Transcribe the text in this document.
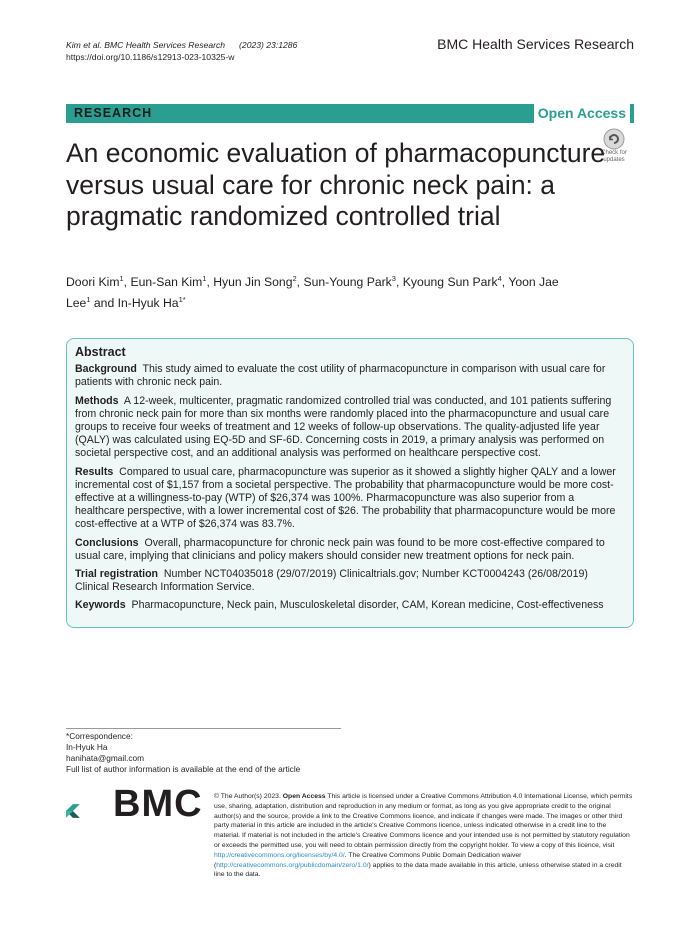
Kim et al. BMC Health Services Research (2023) 23:1286
https://doi.org/10.1186/s12913-023-10325-w
BMC Health Services Research
RESEARCH	Open Access
Check for updates
An economic evaluation of pharmacopuncture versus usual care for chronic neck pain: a pragmatic randomized controlled trial
Doori Kim$^1$, Eun-San Kim$^1$, Hyun Jin Song$^2$, Sun-Young Park$^3$, Kyoung Sun Park$^4$, Yoon Jae Lee$^1$ and In-Hyuk $Ha^{1*}$
Abstract

Background This study aimed to evaluate the cost utility of pharmacopuncture in comparison with usual care for patients with chronic neck pain.

Methods A 12-week, multicenter, pragmatic randomized controlled trial was conducted, and 101 patients suffering from chronic neck pain for more than six months were randomly placed into the pharmacopuncture and usual care groups to receive four weeks of treatment and 12 weeks of follow-up observations. The quality-adjusted life year (QALY) was calculated using EQ-5D and SF-6D. Concerning costs in 2019, a primary analysis was performed on societal perspective cost, and an additional analysis was performed on healthcare perspective cost.

Results Compared to usual care, pharmacopuncture was superior as it showed a slightly higher QALY and a lower incremental cost of $1,157 from a societal perspective. The probability that pharmacopuncture would be more cost-effective at a willingness-to-pay (WTP) of $26,374 was 100%. Pharmacopuncture was also superior from a healthcare perspective, with a lower incremental cost of $26. The probability that pharmacopuncture would be more cost-effective at a WTP of $26,374 was 83.7%.

Conclusions Overall, pharmacopuncture for chronic neck pain was found to be more cost-effective compared to usual care, implying that clinicians and policy makers should consider new treatment options for neck pain.

Trial registration Number NCT04035018 (29/07/2019) Clinicaltrials.gov; Number KCT0004243 (26/08/2019) Clinical Research Information Service.

Keywords Pharmacopuncture, Neck pain, Musculoskeletal disorder, CAM, Korean medicine, Cost-effectiveness

*Correspondence:
In-Hyuk Ha
hanihata@gmail.com
Full list of author information is available at the end of the article
BMC © The Author(s) 2023. Open Access This article is licensed under a Creative Commons Attribution 4.0 International License, which permits use, sharing, adaptation, distribution and reproduction in any medium or format, as long as you give appropriate credit to the original author(s) and the source, provide a link to the Creative Commons licence, and indicate if changes were made. The images or other third party material in this article are included in the article's Creative Commons licence, unless indicated otherwise in a credit line to the material. If material is not included in the article's Creative Commons licence and your intended use is not permitted by statutory regulation or exceeds the permitted use, you will need to obtain permission directly from the copyright holder. To view a copy of this licence, visit http://creativecommons.org/licenses/by/4.0/. The Creative Commons Public Domain Dedication waiver (http://creativecommons.org/publicdomain/zero/1.0/) applies to the data made available in this article, unless otherwise stated in a credit line to the data.
